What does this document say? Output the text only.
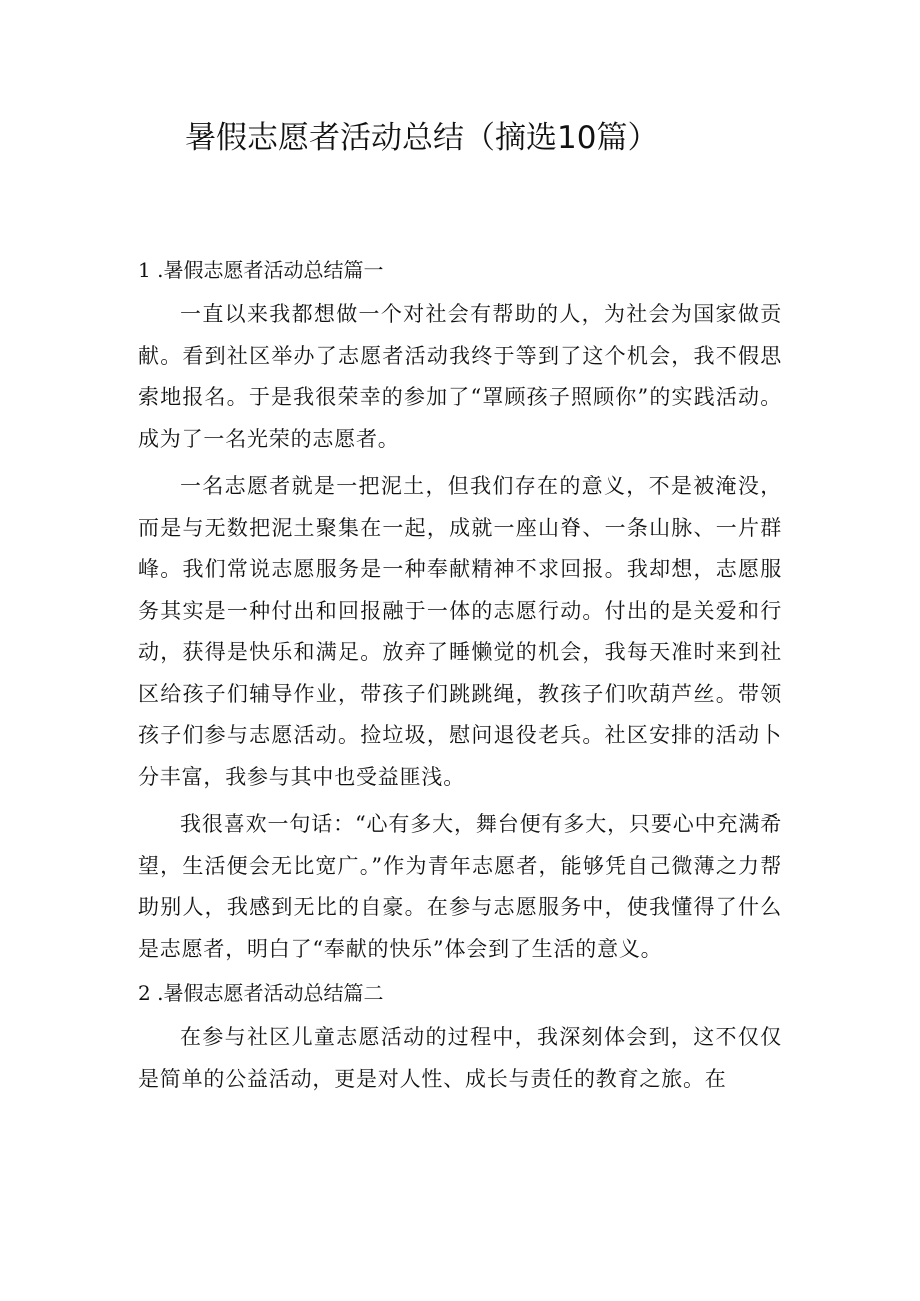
暑假志愿者活动总结（摘选10篇）
1 .暑假志愿者活动总结篇一

一直以来我都想做一个对社会有帮助的人，为社会为国家做贡献。看到社区举办了志愿者活动我终于等到了这个机会，我不假思索地报名。于是我很荣幸的参加了“罩顾孩子照顾你”的实践活动。成为了一名光荣的志愿者。

一名志愿者就是一把泥土，但我们存在的意义，不是被淹没，而是与无数把泥土聚集在一起，成就一座山脊、一条山脉、一片群峰。我们常说志愿服务是一种奉献精神不求回报。我却想，志愿服务其实是一种付出和回报融于一体的志愿行动。付出的是关爱和行动，获得是快乐和满足。放弃了睡懒觉的机会，我每天准时来到社区给孩子们辅导作业，带孩子们跳跳绳，教孩子们吹葫芦丝。带领孩子们参与志愿活动。捡垃圾，慰问退役老兵。社区安排的活动卜分丰富，我参与其中也受益匪浅。

我很喜欢一句话：“心有多大，舞台便有多大，只要心中充满希望，生活便会无比宽广。”作为青年志愿者，能够凭自己微薄之力帮助别人，我感到无比的自豪。在参与志愿服务中，使我懂得了什么是志愿者，明白了“奉献的快乐”体会到了生活的意义。

2 .暑假志愿者活动总结篇二

在参与社区儿童志愿活动的过程中，我深刻体会到，这不仅仅是简单的公益活动，更是对人性、成长与责任的教育之旅。在
